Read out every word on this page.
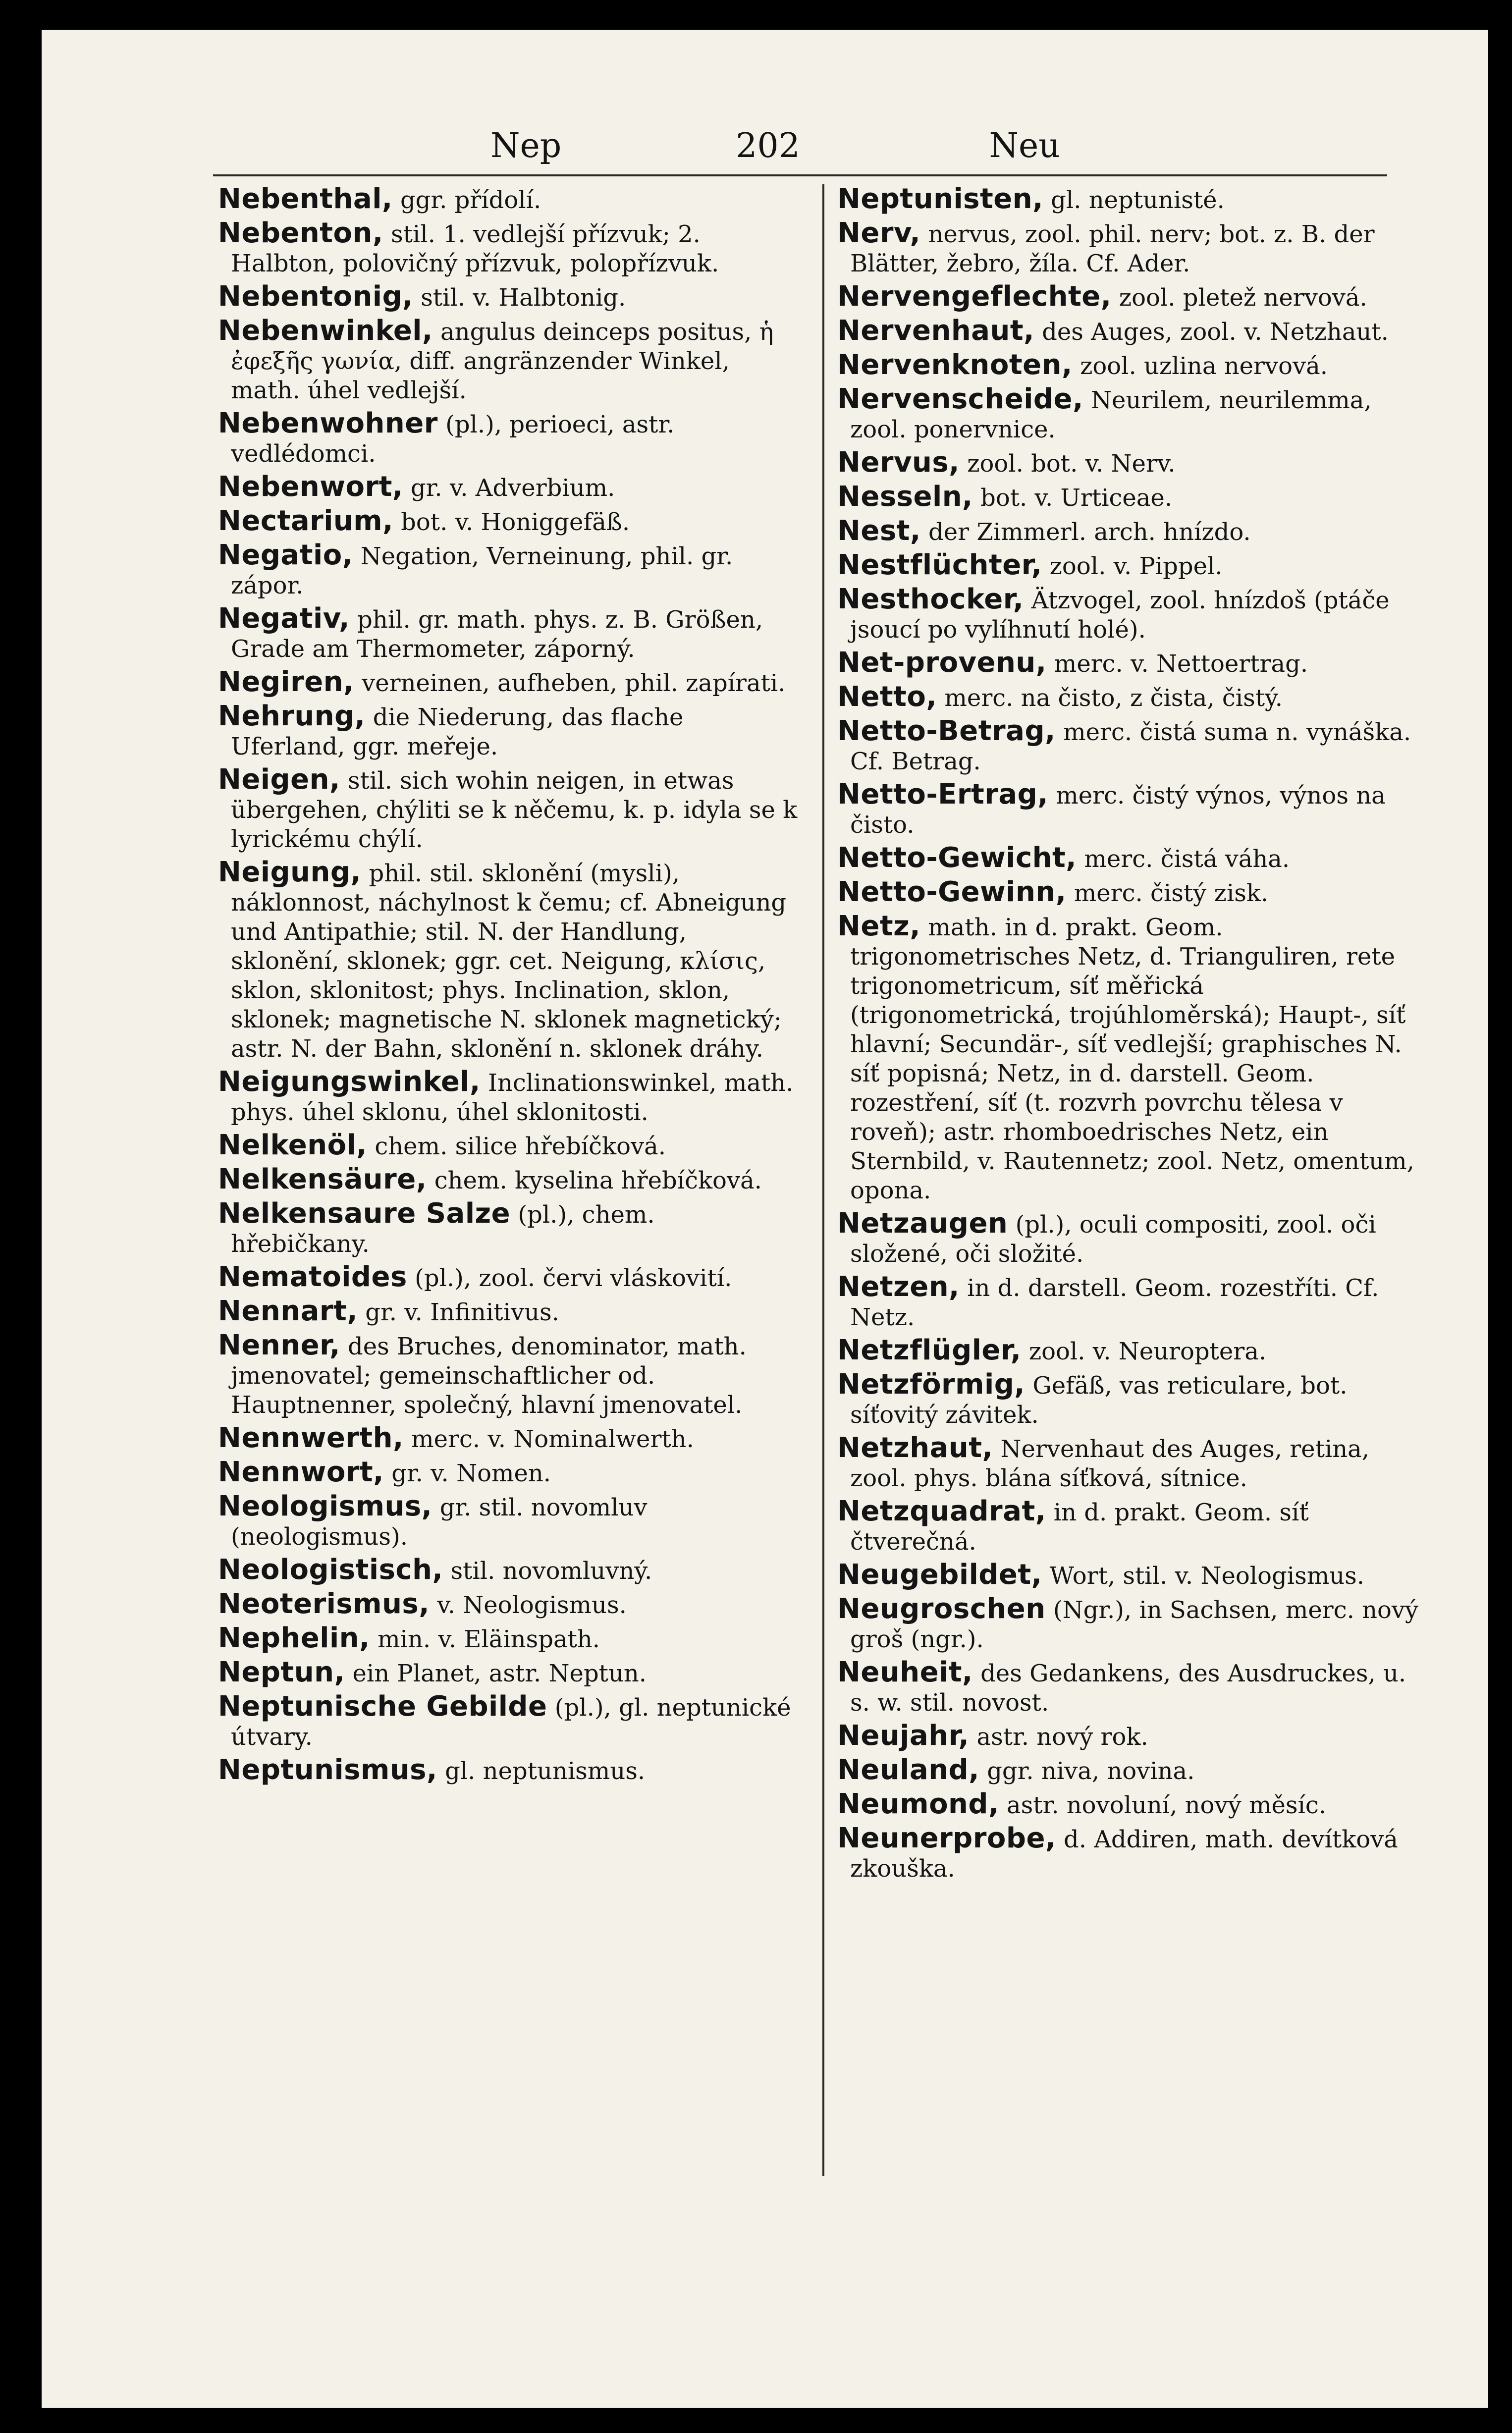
Nep	202	Neu
Nebenthal, ggr. přídolí.
Nebenton, stil. 1. vedlejší přízvuk; 2. Halbton, polovičný přízvuk, polopřízvuk.
Nebentonig, stil. v. Halbtonig.
Nebenwinkel, angulus deinceps positus, ἡ ἐφεξῆς γωνία, diff. angränzender Winkel, math. úhel vedlejší.
Nebenwohner (pl.), perioeci, astr. vedlédomci.
Nebenwort, gr. v. Adverbium.
Nectarium, bot. v. Honiggefäß.
Negatio, Negation, Verneinung, phil. gr. zápor.
Negativ, phil. gr. math. phys. z. B. Größen, Grade am Thermometer, záporný.
Negiren, verneinen, aufheben, phil. zapírati.
Nehrung, die Niederung, das flache Uferland, ggr. meřeje.
Neigen, stil. sich wohin neigen, in etwas übergehen, chýliti se k něčemu, k. p. idyla se k lyrickému chýlí.
Neigung, phil. stil. sklonění (mysli), náklonnost, náchylnost k čemu; cf. Abneigung und Antipathie; stil. N. der Handlung, sklonění, sklonek; ggr. cet. Neigung, κλίσις, sklon, sklonitost; phys. Inclination, sklon, sklonek; magnetische N. sklonek magnetický; astr. N. der Bahn, sklonění n. sklonek dráhy.
Neigungswinkel, Inclinationswinkel, math. phys. úhel sklonu, úhel sklonitosti.
Nelkenöl, chem. silice hřebíčková.
Nelkensäure, chem. kyselina hřebíčková.
Nelkensaure Salze (pl.), chem. hřebičkany.
Nematoides (pl.), zool. červi vláskovití.
Nennart, gr. v. Infinitivus.
Nenner, des Bruches, denominator, math. jmenovatel; gemeinschaftlicher od. Hauptnenner, společný, hlavní jmenovatel.
Nennwerth, merc. v. Nominalwerth.
Nennwort, gr. v. Nomen.
Neologismus, gr. stil. novomluv (neologismus).
Neologistisch, stil. novomluvný.
Neoterismus, v. Neologismus.
Nephelin, min. v. Eläinspath.
Neptun, ein Planet, astr. Neptun.
Neptunische Gebilde (pl.), gl. neptunické útvary.
Neptunismus, gl. neptunismus.
Neptunisten, gl. neptunisté.
Nerv, nervus, zool. phil. nerv; bot. z. B. der Blätter, žebro, žíla. Cf. Ader.
Nervengeflechte, zool. pletež nervová.
Nervenhaut, des Auges, zool. v. Netzhaut.
Nervenknoten, zool. uzlina nervová.
Nervenscheide, Neurilem, neurilemma, zool. ponervnice.
Nervus, zool. bot. v. Nerv.
Nesseln, bot. v. Urticeae.
Nest, der Zimmerl. arch. hnízdo.
Nestflüchter, zool. v. Pippel.
Nesthocker, Ätzvogel, zool. hnízdoš (ptáče jsoucí po vylíhnutí holé).
Net-provenu, merc. v. Nettoertrag.
Netto, merc. na čisto, z čista, čistý.
Netto-Betrag, merc. čistá suma n. vynáška. Cf. Betrag.
Netto-Ertrag, merc. čistý výnos, výnos na čisto.
Netto-Gewicht, merc. čistá váha.
Netto-Gewinn, merc. čistý zisk.
Netz, math. in d. prakt. Geom. trigonometrisches Netz, d. Trianguliren, rete trigonometricum, síť měřická (trigonometrická, trojúhloměrská); Haupt-, síť hlavní; Secundär-, síť vedlejší; graphisches N. síť popisná; Netz, in d. darstell. Geom. rozestření, síť (t. rozvrh povrchu tělesa v roveň); astr. rhomboedrisches Netz, ein Sternbild, v. Rautennetz; zool. Netz, omentum, opona.
Netzaugen (pl.), oculi compositi, zool. oči složené, oči složité.
Netzen, in d. darstell. Geom. rozestříti. Cf. Netz.
Netzflügler, zool. v. Neuroptera.
Netzförmig, Gefäß, vas reticulare, bot. síťovitý závitek.
Netzhaut, Nervenhaut des Auges, retina, zool. phys. blána síťková, sítnice.
Netzquadrat, in d. prakt. Geom. síť čtverečná.
Neugebildet, Wort, stil. v. Neologismus.
Neugroschen (Ngr.), in Sachsen, merc. nový groš (ngr.).
Neuheit, des Gedankens, des Ausdruckes, u. s. w. stil. novost.
Neujahr, astr. nový rok.
Neuland, ggr. niva, novina.
Neumond, astr. novoluní, nový měsíc.
Neunerprobe, d. Addiren, math. devítková zkouška.
